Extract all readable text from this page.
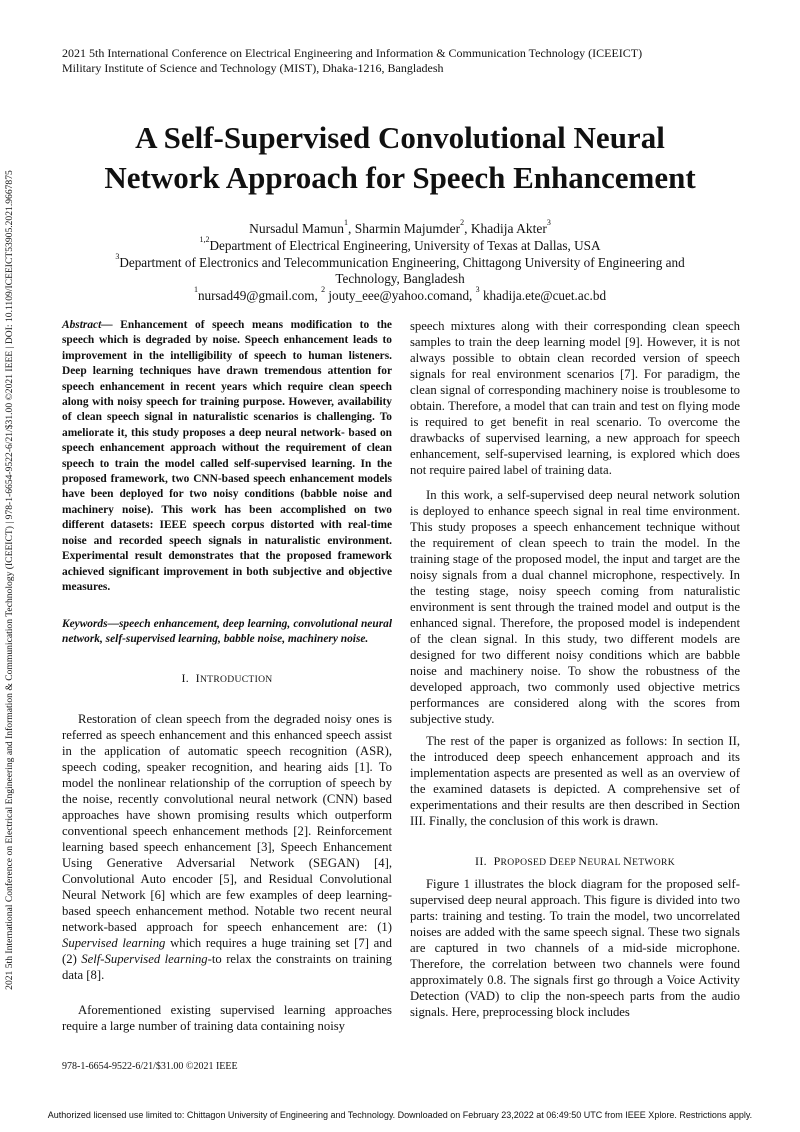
2021 5th International Conference on Electrical Engineering and Information & Communication Technology (ICEEICT)
Military Institute of Science and Technology (MIST), Dhaka-1216, Bangladesh
2021 5th International Conference on Electrical Engineering and Information & Communication Technology (ICEEICT) | 978-1-6654-9522-6/21/$31.00 ©2021 IEEE | DOI: 10.1109/ICEEICT53905.2021.9667875
A Self-Supervised Convolutional Neural
Network Approach for Speech Enhancement
Nursadul Mamun$^1$, Sharmin Majumder$^2$, Khadija Akter$^3$
$^{1,2}$Department of Electrical Engineering, University of Texas at Dallas, USA
$^3$Department of Electronics and Telecommunication Engineering, Chittagong University of Engineering and Technology, Bangladesh
$^1$nursad49@gmail.com, $^2$ jouty_eee@yahoo.comand, $^3$ khadija.ete@cuet.ac.bd
Abstract— Enhancement of speech means modification to the speech which is degraded by noise. Speech enhancement leads to improvement in the intelligibility of speech to human listeners. Deep learning techniques have drawn tremendous attention for speech enhancement in recent years which require clean speech along with noisy speech for training purpose. However, availability of clean speech signal in naturalistic scenarios is challenging. To ameliorate it, this study proposes a deep neural network- based on speech enhancement approach without the requirement of clean speech to train the model called self-supervised learning. In the proposed framework, two CNN-based speech enhancement models have been deployed for two noisy conditions (babble noise and machinery noise). This work has been accomplished on two different datasets: IEEE speech corpus distorted with real-time noise and recorded speech signals in naturalistic environment. Experimental result demonstrates that the proposed framework achieved significant improvement in both subjective and objective measures.
Keywords—speech enhancement, deep learning, convolutional neural network, self-supervised learning, babble noise, machinery noise.
I. INTRODUCTION

Restoration of clean speech from the degraded noisy ones is referred as speech enhancement and this enhanced speech assist in the application of automatic speech recognition (ASR), speech coding, speaker recognition, and hearing aids [1]. To model the nonlinear relationship of the corruption of speech by the noise, recently convolutional neural network (CNN) based approaches have shown promising results which outperform conventional speech enhancement methods [2]. Reinforcement learning based speech enhancement [3], Speech Enhancement Using Generative Adversarial Network (SEGAN) [4], Convolutional Auto encoder [5], and Residual Convolutional Neural Network [6] which are few examples of deep learning-based speech enhancement method. Notable two recent neural network-based approach for speech enhancement are: (1) Supervised learning which requires a huge training set [7] and (2) Self-Supervised learning-to relax the constraints on training data [8].

Aforementioned existing supervised learning approaches require a large number of training data containing noisy

speech mixtures along with their corresponding clean speech samples to train the deep learning model [9]. However, it is not always possible to obtain clean recorded version of speech signals for real environment scenarios [7]. For paradigm, the clean signal of corresponding machinery noise is troublesome to obtain. Therefore, a model that can train and test on flying mode is required to get benefit in real scenario. To overcome the drawbacks of supervised learning, a new approach for speech enhancement, self-supervised learning, is explored which does not require paired label of training data.

In this work, a self-supervised deep neural network solution is deployed to enhance speech signal in real time environment. This study proposes a speech enhancement technique without the requirement of clean speech to train the model. In the training stage of the proposed model, the input and target are the noisy signals from a dual channel microphone, respectively. In the testing stage, noisy speech coming from naturalistic environment is sent through the trained model and output is the enhanced signal. Therefore, the proposed model is independent of the clean signal. In this study, two different models are designed for two different noisy conditions which are babble noise and machinery noise. To show the robustness of the developed approach, two commonly used objective metrics performances are considered along with the scores from subjective study.

The rest of the paper is organized as follows: In section II, the introduced deep speech enhancement approach and its implementation aspects are presented as well as an overview of the examined datasets is depicted. A comprehensive set of experimentations and their results are then described in Section III. Finally, the conclusion of this work is drawn.

II. PROPOSED DEEP NEURAL NETWORK

Figure 1 illustrates the block diagram for the proposed self-supervised deep neural approach. This figure is divided into two parts: training and testing. To train the model, two uncorrelated noises are added with the same speech signal. These two signals are captured in two channels of a mid-side microphone. Therefore, the correlation between two channels were found approximately 0.8. The signals first go through a Voice Activity Detection (VAD) to clip the non-speech parts from the audio signals. Here, preprocessing block includes

978-1-6654-9522-6/21/$31.00 ©2021 IEEE
Authorized licensed use limited to: Chittagon University of Engineering and Technology. Downloaded on February 23,2022 at 06:49:50 UTC from IEEE Xplore. Restrictions apply.
